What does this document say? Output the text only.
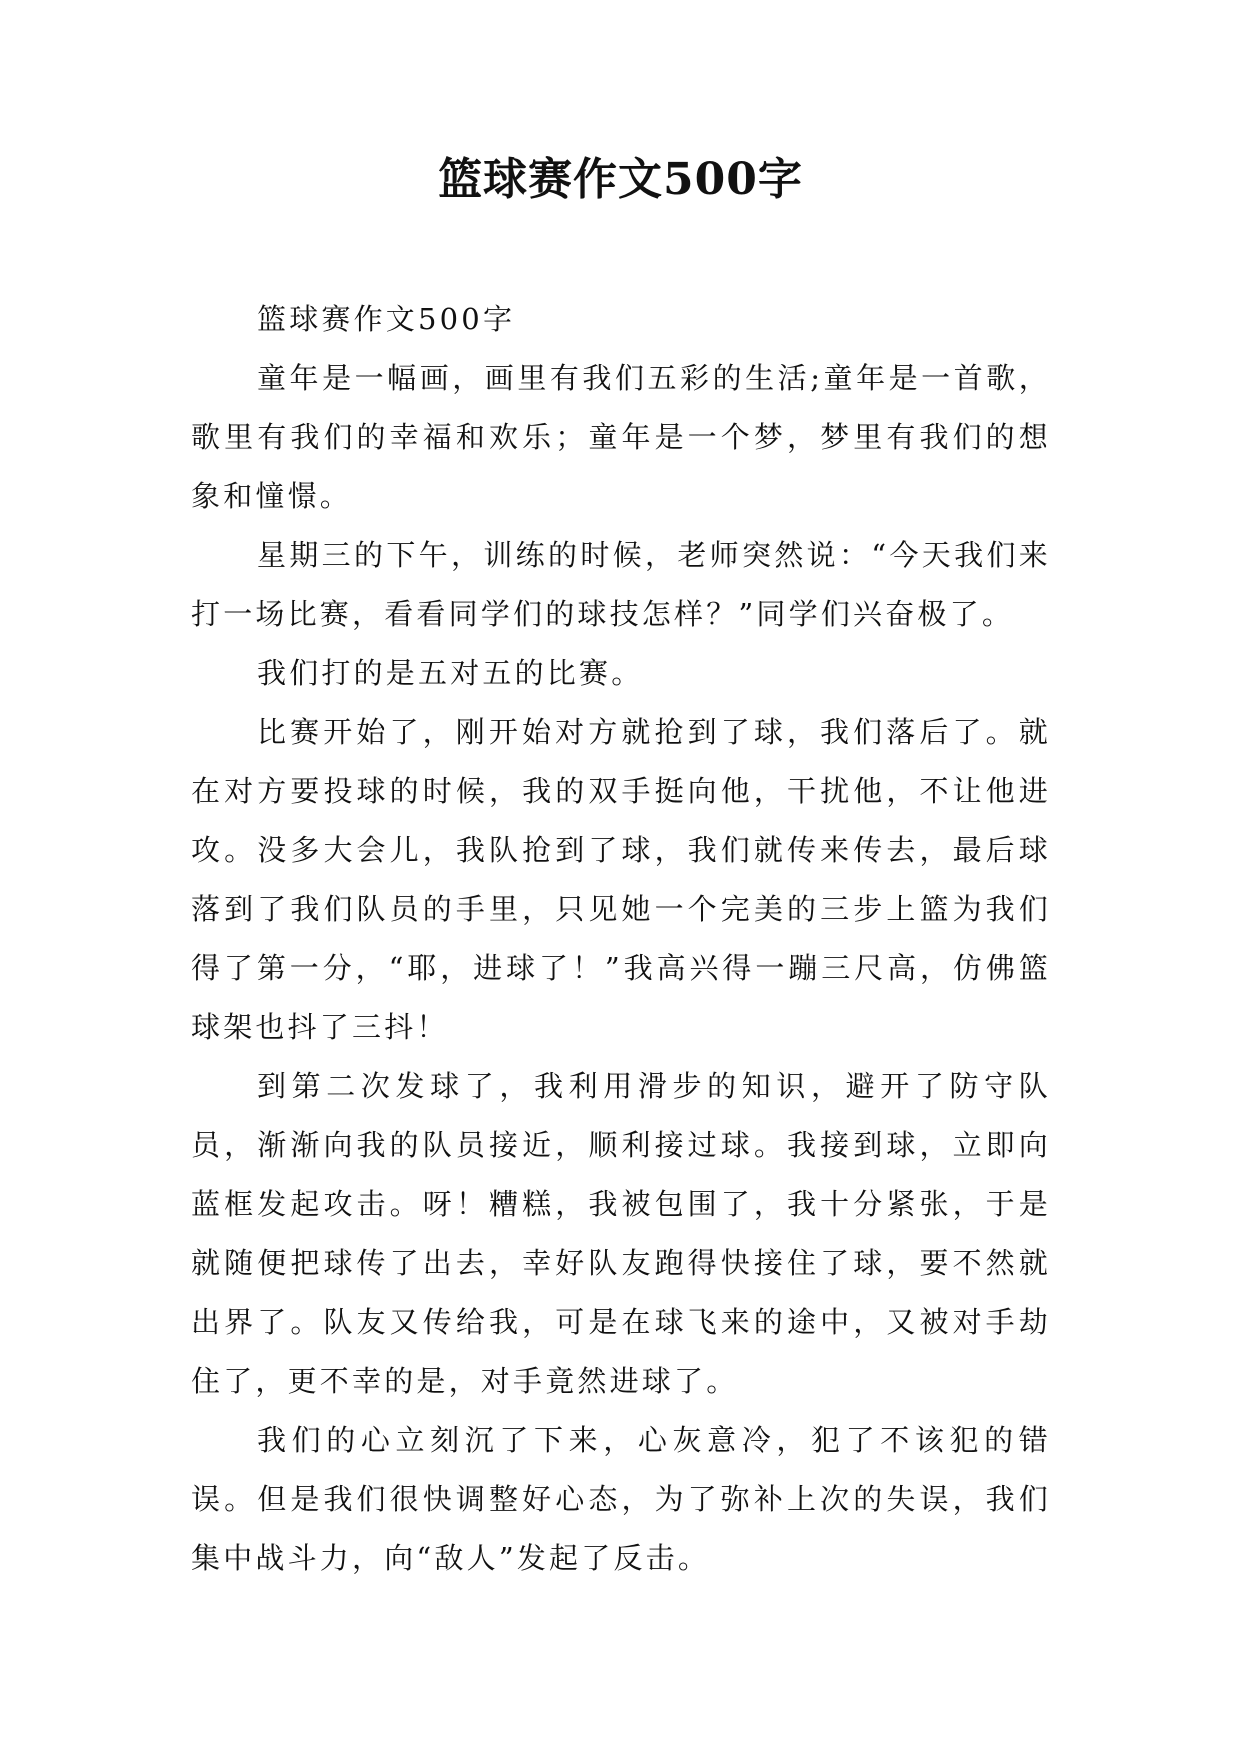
篮球赛作文500字

篮球赛作文500字

童年是一幅画，画里有我们五彩的生活;童年是一首歌，歌里有我们的幸福和欢乐；童年是一个梦，梦里有我们的想象和憧憬。

星期三的下午，训练的时候，老师突然说：“今天我们来打一场比赛，看看同学们的球技怎样？”同学们兴奋极了。

我们打的是五对五的比赛。

比赛开始了，刚开始对方就抢到了球，我们落后了。就在对方要投球的时候，我的双手挺向他，干扰他，不让他进攻。没多大会儿，我队抢到了球，我们就传来传去，最后球落到了我们队员的手里，只见她一个完美的三步上篮为我们得了第一分，“耶，进球了！”我高兴得一蹦三尺高，仿佛篮球架也抖了三抖！

到第二次发球了，我利用滑步的知识，避开了防守队员，渐渐向我的队员接近，顺利接过球。我接到球，立即向蓝框发起攻击。呀！糟糕，我被包围了，我十分紧张，于是就随便把球传了出去，幸好队友跑得快接住了球，要不然就出界了。队友又传给我，可是在球飞来的途中，又被对手劫住了，更不幸的是，对手竟然进球了。

我们的心立刻沉了下来，心灰意冷，犯了不该犯的错误。但是我们很快调整好心态，为了弥补上次的失误，我们集中战斗力，向“敌人”发起了反击。
